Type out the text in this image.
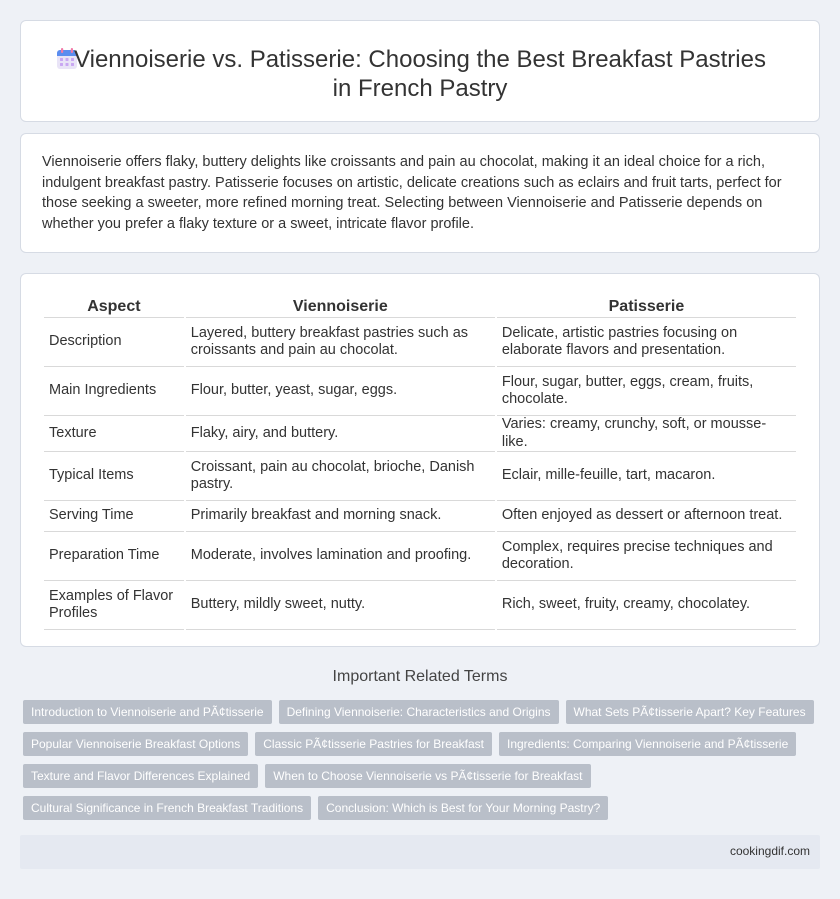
Viennoiserie vs. Patisserie: Choosing the Best Breakfast Pastries
in French Pastry

Viennoiserie offers flaky, buttery delights like croissants and pain au chocolat, making it an ideal choice for a rich, indulgent breakfast pastry. Patisserie focuses on artistic, delicate creations such as eclairs and fruit tarts, perfect for those seeking a sweeter, more refined morning treat. Selecting between Viennoiserie and Patisserie depends on whether you prefer a flaky texture or a sweet, intricate flavor profile.

Aspect	Viennoiserie	Patisserie
Description	Layered, buttery breakfast pastries such as croissants and pain au chocolat.	Delicate, artistic pastries focusing on elaborate flavors and presentation.
Main Ingredients	Flour, butter, yeast, sugar, eggs.	Flour, sugar, butter, eggs, cream, fruits, chocolate.
Texture	Flaky, airy, and buttery.	Varies: creamy, crunchy, soft, or mousse-like.
Typical Items	Croissant, pain au chocolat, brioche, Danish pastry.	Eclair, mille-feuille, tart, macaron.
Serving Time	Primarily breakfast and morning snack.	Often enjoyed as dessert or afternoon treat.
Preparation Time	Moderate, involves lamination and proofing.	Complex, requires precise techniques and decoration.
Examples of Flavor Profiles	Buttery, mildly sweet, nutty.	Rich, sweet, fruity, creamy, chocolatey.
Important Related Terms
Introduction to Viennoiserie and PÃ¢tisserie	Defining Viennoiserie: Characteristics and Origins	What Sets PÃ¢tisserie Apart? Key Features
Popular Viennoiserie Breakfast Options	Classic PÃ¢tisserie Pastries for Breakfast	Ingredients: Comparing Viennoiserie and PÃ¢tisserie
Texture and Flavor Differences Explained	When to Choose Viennoiserie vs PÃ¢tisserie for Breakfast
Cultural Significance in French Breakfast Traditions	Conclusion: Which is Best for Your Morning Pastry?
cookingdif.com
